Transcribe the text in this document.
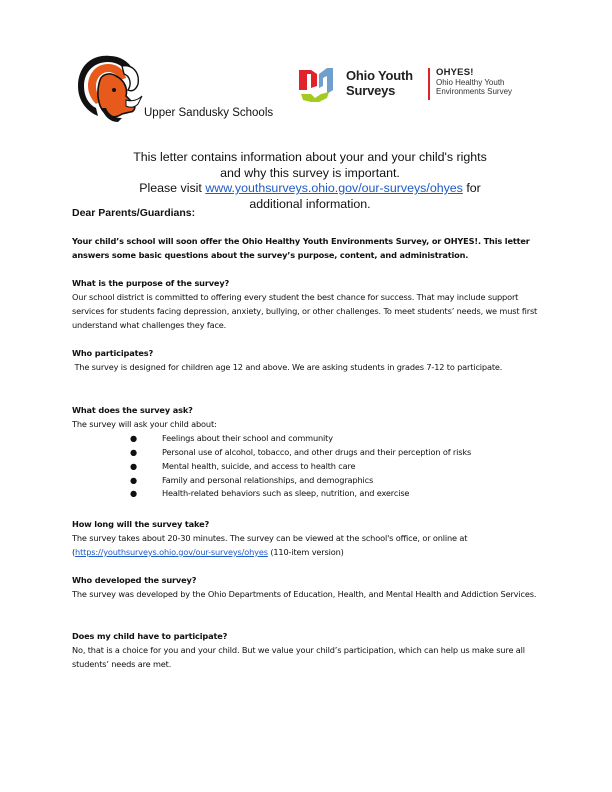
Upper Sandusky Schools
Ohio Youth
Surveys
OHYES!
Ohio Healthy Youth
Environments Survey
This letter contains information about your and your child's rights
and why this survey is important.
Please visit www.youthsurveys.ohio.gov/our-surveys/ohyes for
additional information.
Dear Parents/Guardians:
Your child’s school will soon offer the Ohio Healthy Youth Environments Survey, or OHYES!. This letter answers some basic questions about the survey’s purpose, content, and administration.
What is the purpose of the survey?
Our school district is committed to offering every student the best chance for success. That may include support services for students facing depression, anxiety, bullying, or other challenges. To meet students’ needs, we must first understand what challenges they face.
Who participates?
The survey is designed for children age 12 and above. We are asking students in grades 7-12 to participate.
What does the survey ask?
The survey will ask your child about:
●	Feelings about their school and community
●	Personal use of alcohol, tobacco, and other drugs and their perception of risks
●	Mental health, suicide, and access to health care
●	Family and personal relationships, and demographics
●	Health-related behaviors such as sleep, nutrition, and exercise
How long will the survey take?
The survey takes about 20-30 minutes. The survey can be viewed at the school's office, or online at
(https://youthsurveys.ohio.gov/our-surveys/ohyes (110-item version)
Who developed the survey?
The survey was developed by the Ohio Departments of Education, Health, and Mental Health and Addiction Services.
Does my child have to participate?
No, that is a choice for you and your child. But we value your child’s participation, which can help us make sure all students’ needs are met.
